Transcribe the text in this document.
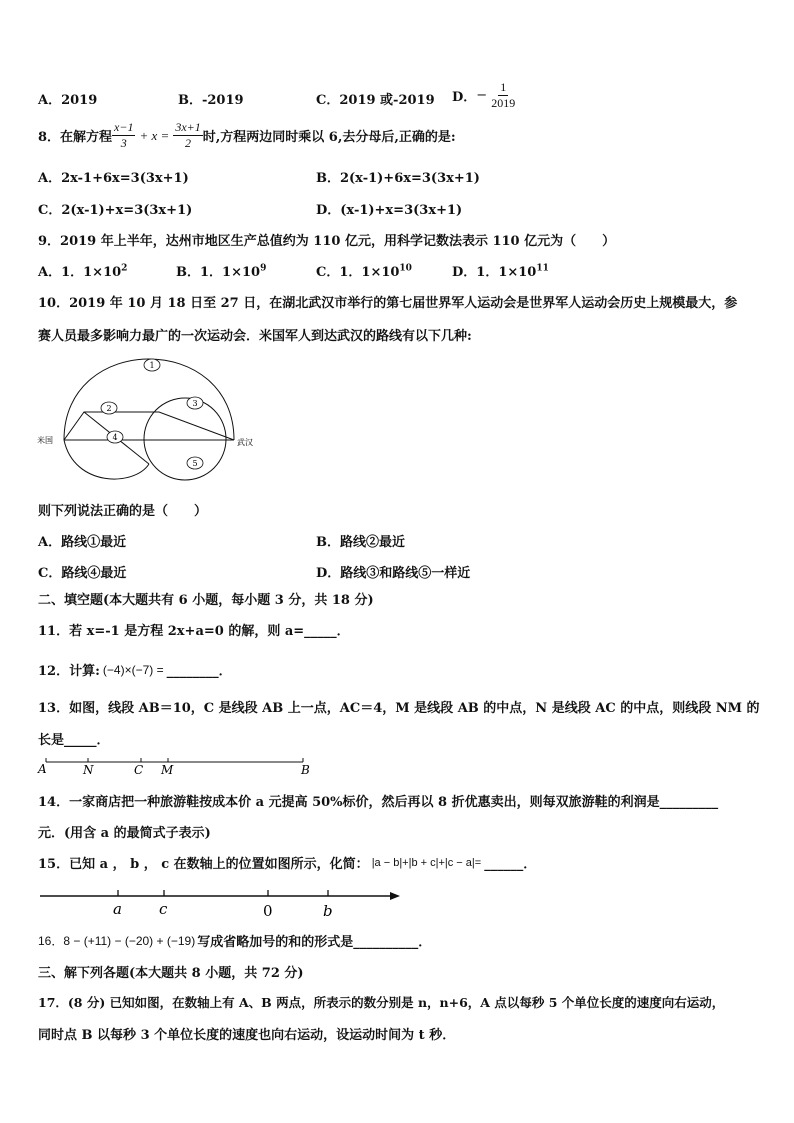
A．2019	B．-2019	C．2019 或-2019 D． − $\frac{1}{2019}$
8．在解方程 $\frac{x-1}{3} + x = \frac{3x+1}{2}$ 时,方程两边同时乘以 6,去分母后,正确的是:
A．2x-1+6x=3(3x+1)	B．2(x-1)+6x=3(3x+1)
C．2(x-1)+x=3(3x+1)	D．(x-1)+x=3(3x+1)
9．2019 年上半年，达州市地区生产总值约为 110 亿元，用科学记数法表示 110 亿元为（　　）
A．1．$1\times 10^2$	B．1．$1\times 10^9$	C．1．$1\times 10^{10}$	D．1．$1\times 10^{11}$
10．2019 年 10 月 18 日至 27 日，在湖北武汉市举行的第七届世界军人运动会是世界军人运动会历史上规模最大，参
赛人员最多影响力最广的一次运动会．米国军人到达武汉的路线有以下几种:
1
2
3
4
5
米国	武汉
则下列说法正确的是（　　）
A．路线①最近	B．路线②最近
C．路线④最近	D．路线③和路线⑤一样近
二、填空题(本大题共有 6 小题，每小题 3 分，共 18 分)
11．若 x=-1 是方程 2x+a=0 的解，则 a=_____．
12．计算: (−4)×(−7) = ________．
13．如图，线段 AB＝10，C 是线段 AB 上一点，AC＝4，M 是线段 AB 的中点，N 是线段 AC 的中点，则线段 NM 的
长是_____．
A	N	C M	B
14．一家商店把一种旅游鞋按成本价 a 元提高 50%标价，然后再以 8 折优惠卖出，则每双旅游鞋的利润是_________
元．(用含 a 的最简式子表示)
15．已知 a ， b ， c 在数轴上的位置如图所示，化简： |a − b|+|b + c|+|c − a|= ______．
a c	0	b
16．8 − (+11) − (−20) + (−19) 写成省略加号的和的形式是__________．
三、解下列各题(本大题共 8 小题，共 72 分)
17．(8 分) 已知如图，在数轴上有 A、B 两点，所表示的数分别是 n，n+6，A 点以每秒 5 个单位长度的速度向右运动，
同时点 B 以每秒 3 个单位长度的速度也向右运动，设运动时间为 t 秒．
